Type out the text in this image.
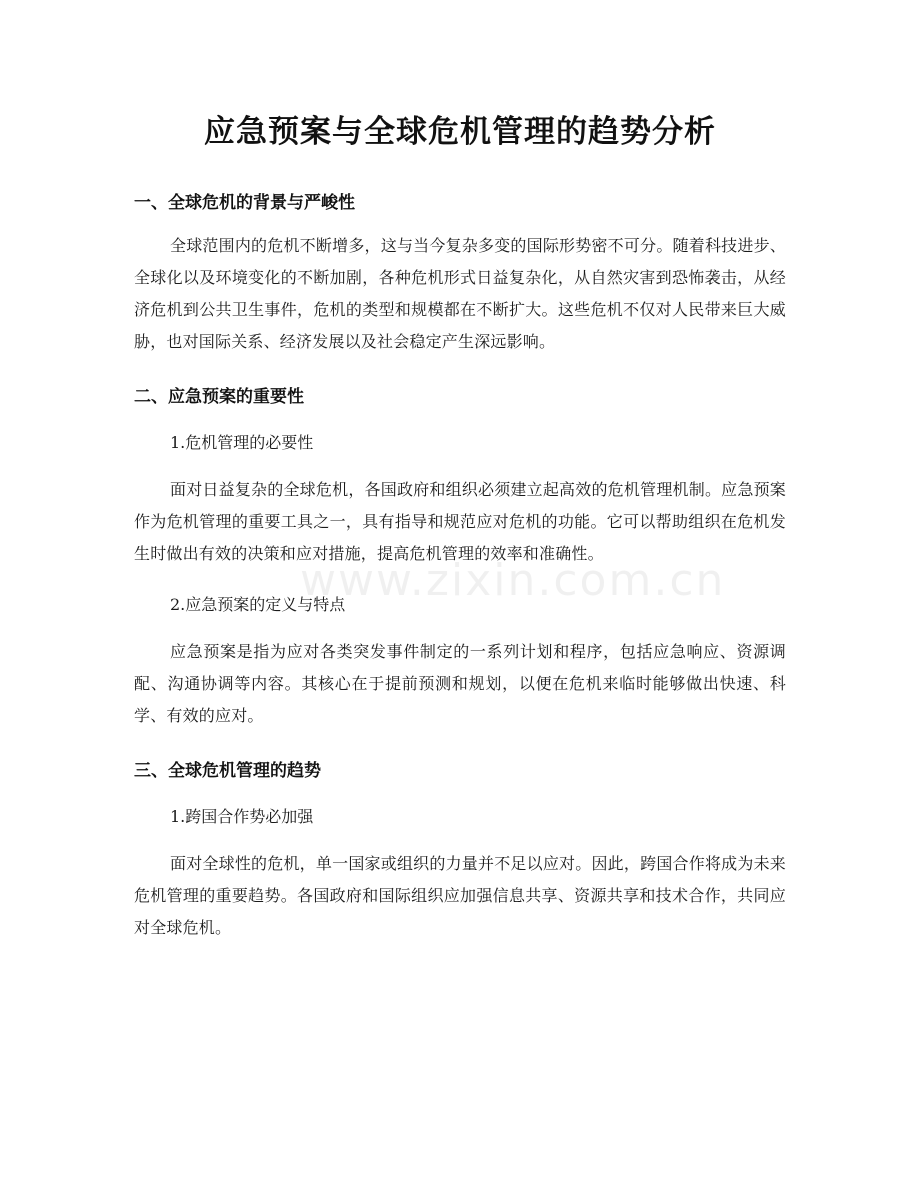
www.zixin.com.cn
应急预案与全球危机管理的趋势分析
一、全球危机的背景与严峻性

全球范围内的危机不断增多，这与当今复杂多变的国际形势密不可分。随着科技进步、全球化以及环境变化的不断加剧，各种危机形式日益复杂化，从自然灾害到恐怖袭击，从经济危机到公共卫生事件，危机的类型和规模都在不断扩大。这些危机不仅对人民带来巨大威胁，也对国际关系、经济发展以及社会稳定产生深远影响。

二、应急预案的重要性
1.危机管理的必要性

面对日益复杂的全球危机，各国政府和组织必须建立起高效的危机管理机制。应急预案作为危机管理的重要工具之一，具有指导和规范应对危机的功能。它可以帮助组织在危机发生时做出有效的决策和应对措施，提高危机管理的效率和准确性。

2.应急预案的定义与特点

应急预案是指为应对各类突发事件制定的一系列计划和程序，包括应急响应、资源调配、沟通协调等内容。其核心在于提前预测和规划，以便在危机来临时能够做出快速、科学、有效的应对。

三、全球危机管理的趋势
1.跨国合作势必加强

面对全球性的危机，单一国家或组织的力量并不足以应对。因此，跨国合作将成为未来危机管理的重要趋势。各国政府和国际组织应加强信息共享、资源共享和技术合作，共同应对全球危机。
